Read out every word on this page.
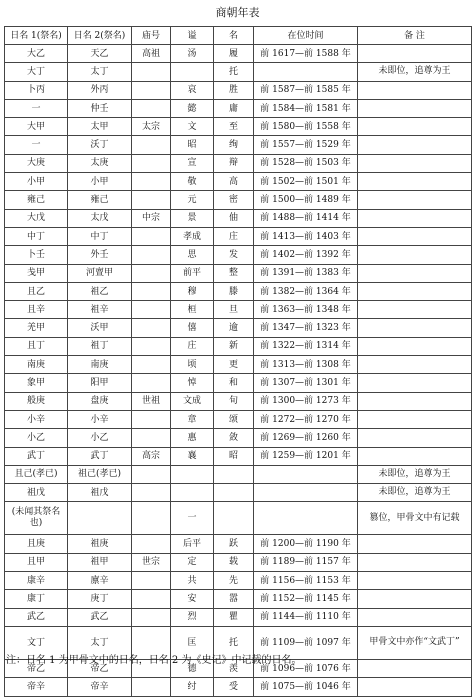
商朝年表
日名 1(祭名)	日名 2(祭名)	庙号	谥	名	在位时间	备 注
大乙	天乙	高祖	汤	履	前 1617—前 1588 年	
大丁	太丁			托		未即位，追尊为王
卜丙	外丙		哀	胜	前 1587—前 1585 年	
一	仲壬		懿	庸	前 1584—前 1581 年	
大甲	太甲	太宗	文	至	前 1580—前 1558 年	
一	沃丁		昭	绚	前 1557—前 1529 年	
大庚	太庚		宣	辩	前 1528—前 1503 年	
小甲	小甲		敬	高	前 1502—前 1501 年	
雍己	雍己		元	密	前 1500—前 1489 年	
大戊	太戊	中宗	景	伷	前 1488—前 1414 年	
中丁	中丁		孝成	庄	前 1413—前 1403 年	
卜壬	外壬		思	发	前 1402—前 1392 年	
戋甲	河亶甲		前平	整	前 1391—前 1383 年	
且乙	祖乙		穆	滕	前 1382—前 1364 年	
且辛	祖辛		桓	旦	前 1363—前 1348 年	
羌甲	沃甲		僖	逾	前 1347—前 1323 年	
且丁	祖丁		庄	新	前 1322—前 1314 年	
南庚	南庚		顷	更	前 1313—前 1308 年	
象甲	阳甲		悼	和	前 1307—前 1301 年	
般庚	盘庚	世祖	文成	旬	前 1300—前 1273 年	
小辛	小辛		章	颂	前 1272—前 1270 年	
小乙	小乙		惠	敛	前 1269—前 1260 年	
武丁	武丁	高宗	襄	昭	前 1259—前 1201 年	
且己(孝已)	祖己(孝已)					未即位，追尊为王
祖戊	祖戊					未即位，追尊为王
(未闻其祭名也)			一			篡位，甲骨文中有记载
且庚	祖庚		后平	跃	前 1200—前 1190 年	
且甲	祖甲	世宗	定	载	前 1189—前 1157 年	
康辛	廪辛		共	先	前 1156—前 1153 年	
康丁	庚丁		安	嚣	前 1152—前 1145 年	
武乙	武乙		烈	瞿	前 1144—前 1110 年	
文丁	太丁		匡	托	前 1109—前 1097 年	甲骨文中亦作“文武丁”
帝乙	帝乙		德	羡	前 1096—前 1076 年	
帝辛	帝辛		纣	受	前 1075—前 1046 年	
注：日名 1 为甲骨文中的日名，日名 2 为《史记》中记载的日名。
